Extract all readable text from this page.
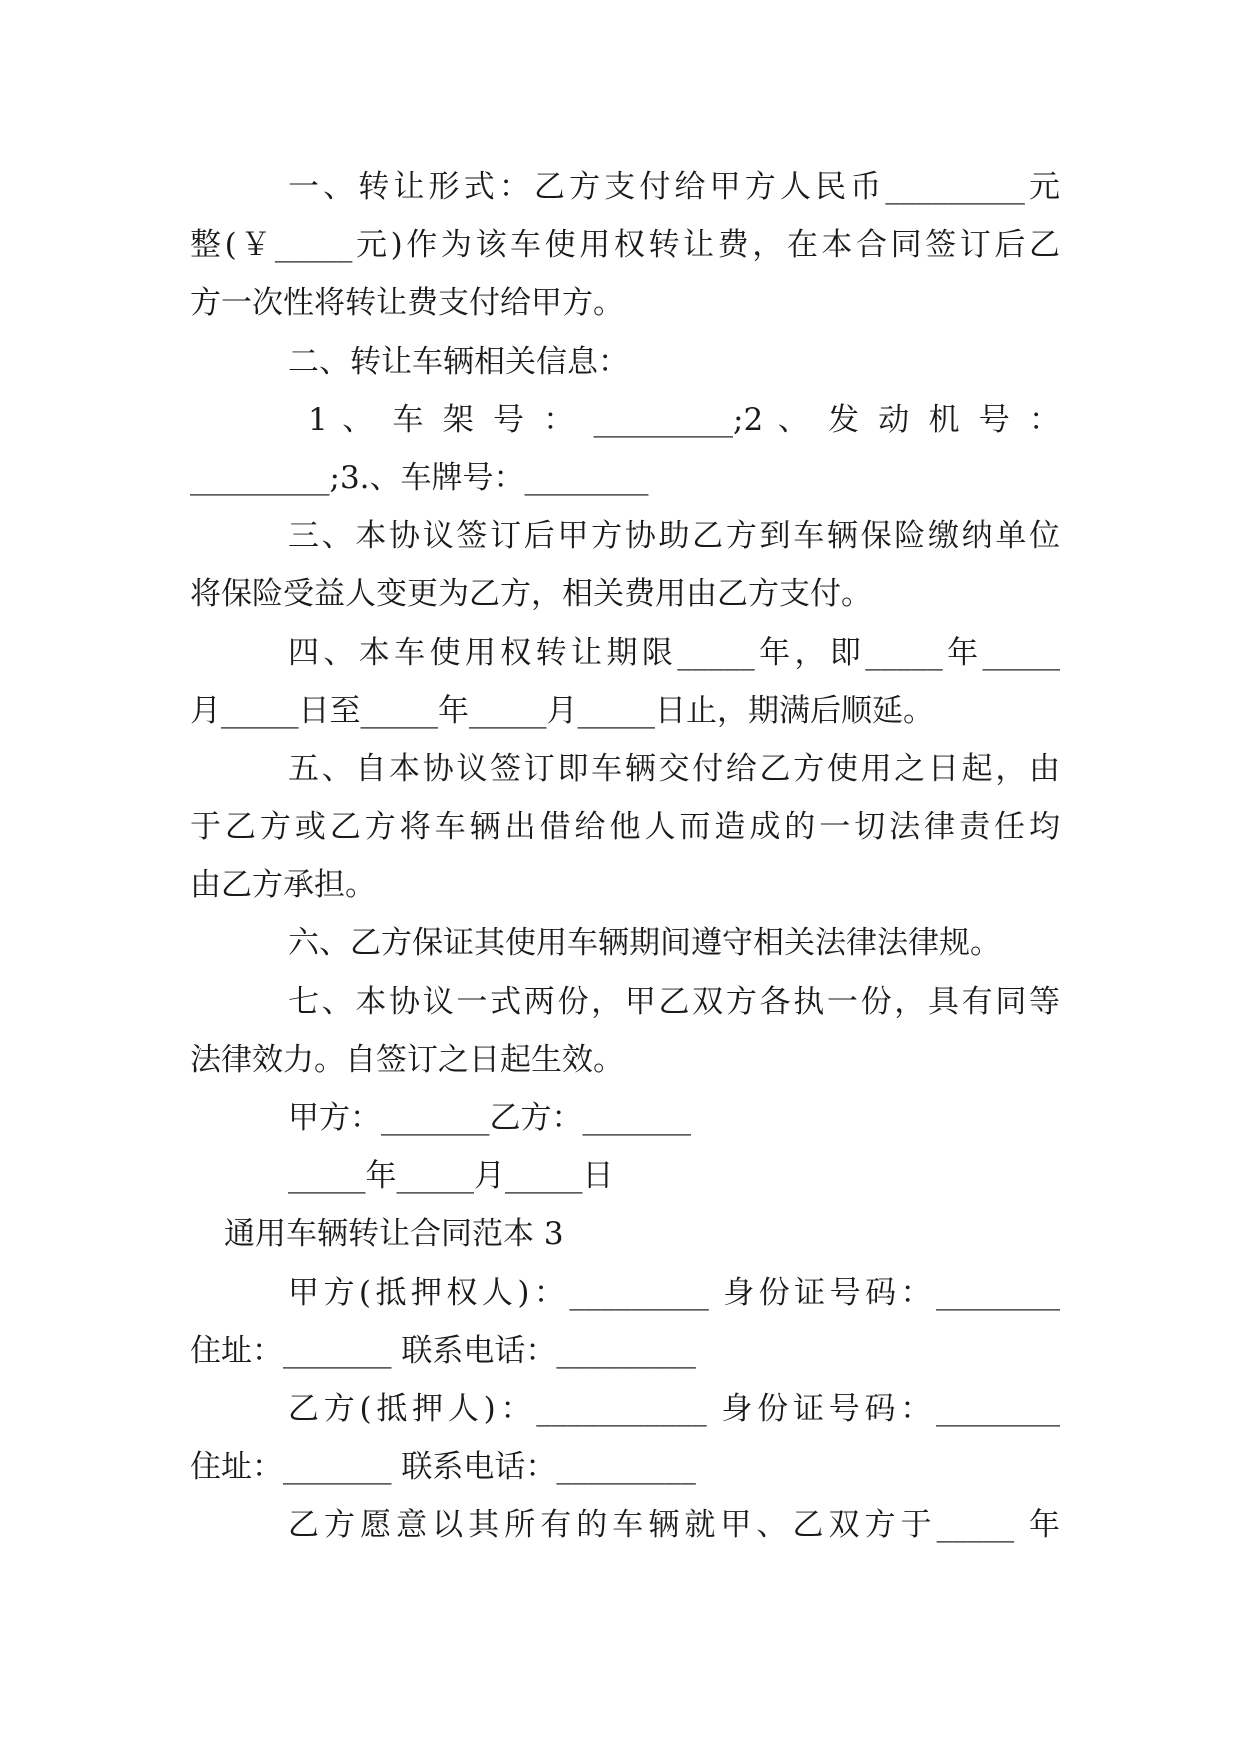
一、转让形式：乙方支付给甲方人民币_________元
整(￥_____元)作为该车使用权转让费，在本合同签订后乙
方一次性将转让费支付给甲方。
二、转让车辆相关信息：
1 、 车 架 号 ： _________;2 、 发 动 机 号 ：
_________;3.、车牌号：________
三、本协议签订后甲方协助乙方到车辆保险缴纳单位
将保险受益人变更为乙方，相关费用由乙方支付。
四、本车使用权转让期限_____年，即_____年_____
月_____日至_____年_____月_____日止，期满后顺延。
五、自本协议签订即车辆交付给乙方使用之日起，由
于乙方或乙方将车辆出借给他人而造成的一切法律责任均
由乙方承担。
六、乙方保证其使用车辆期间遵守相关法律法律规。
七、本协议一式两份，甲乙双方各执一份，具有同等
法律效力。自签订之日起生效。
甲方：_______乙方：_______
_____年_____月_____日
通用车辆转让合同范本 3
甲方(抵押权人)：_________ 身份证号码：________
住址：_______ 联系电话：_________
乙方(抵押人)：___________ 身份证号码：________
住址：_______ 联系电话：_________
乙方愿意以其所有的车辆就甲、乙双方于_____ 年
